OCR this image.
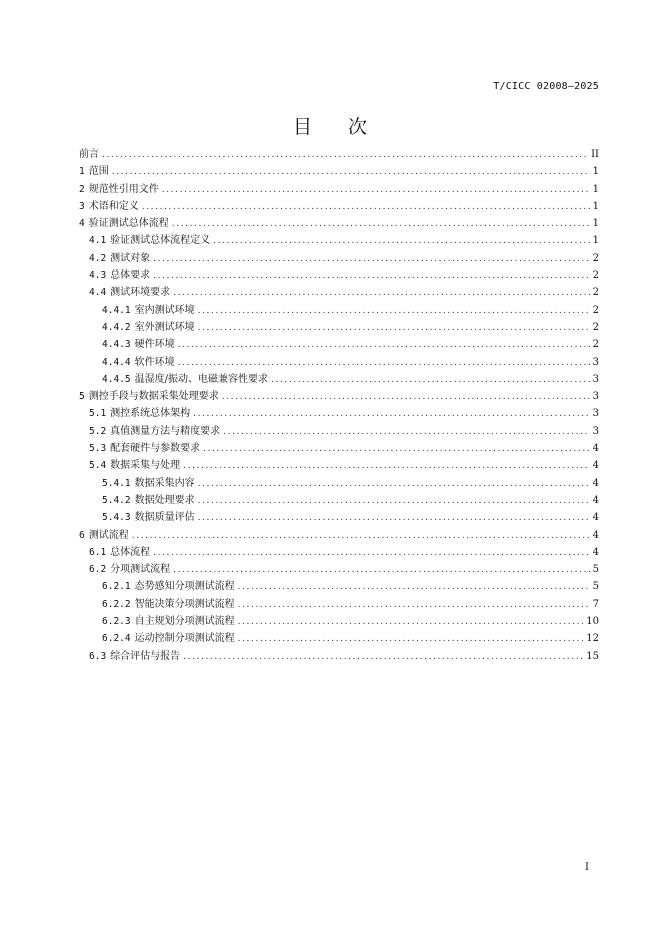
T/CICC 02008—2025
目 次
前言 .....	II
1 范围 .....	1
2 规范性引用文件 .....	1
3 术语和定义 .....	1
4 验证测试总体流程 .....	1
4.1 验证测试总体流程定义 .....	1
4.2 测试对象 .....	2
4.3 总体要求 .....	2
4.4 测试环境要求 .....	2
4.4.1 室内测试环境 .....	2
4.4.2 室外测试环境 .....	2
4.4.3 硬件环境 .....	2
4.4.4 软件环境 .....	3
4.4.5 温湿度/振动、电磁兼容性要求 .....	3
5 测控手段与数据采集处理要求 .....	3
5.1 测控系统总体架构 .....	3
5.2 真值测量方法与精度要求 .....	3
5.3 配套硬件与参数要求 .....	4
5.4 数据采集与处理 .....	4
5.4.1 数据采集内容 .....	4
5.4.2 数据处理要求 .....	4
5.4.3 数据质量评估 .....	4
6 测试流程 .....	4
6.1 总体流程 .....	4
6.2 分项测试流程 .....	5
6.2.1 态势感知分项测试流程 .....	5
6.2.2 智能决策分项测试流程 .....	7
6.2.3 自主规划分项测试流程 .....	10
6.2.4 运动控制分项测试流程 .....	12
6.3 综合评估与报告 .....	15
I
